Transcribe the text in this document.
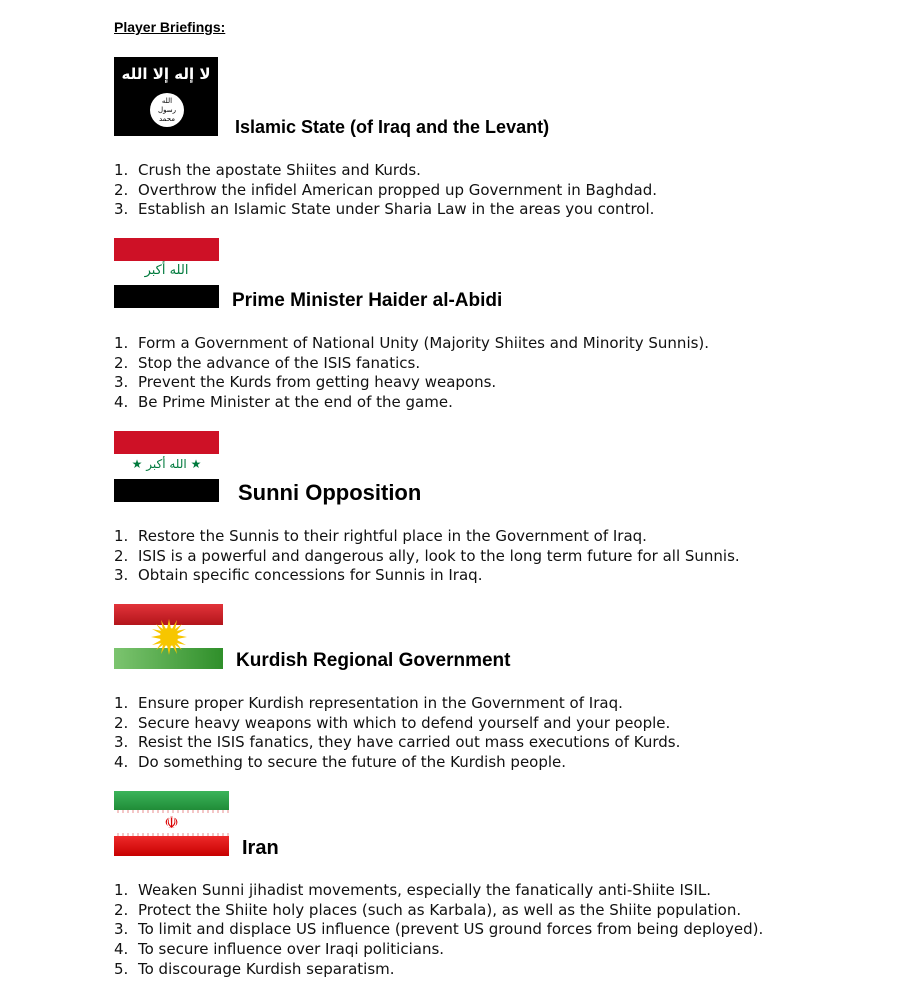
Player Briefings:
لا إله إلا الله
الله رسول محمد	Islamic State (of Iraq and the Levant)
1. Crush the apostate Shiites and Kurds.
2. Overthrow the infidel American propped up Government in Baghdad.
3. Establish an Islamic State under Sharia Law in the areas you control.
الله أكبر
Prime Minister Haider al-Abidi
1. Form a Government of National Unity (Majority Shiites and Minority Sunnis).
2. Stop the advance of the ISIS fanatics.
3. Prevent the Kurds from getting heavy weapons.
4. Be Prime Minister at the end of the game.
★ الله أكبر ★
Sunni Opposition
1. Restore the Sunnis to their rightful place in the Government of Iraq.
2. ISIS is a powerful and dangerous ally, look to the long term future for all Sunnis.
3. Obtain specific concessions for Sunnis in Iraq.
Kurdish Regional Government
1. Ensure proper Kurdish representation in the Government of Iraq.
2. Secure heavy weapons with which to defend yourself and your people.
3. Resist the ISIS fanatics, they have carried out mass executions of Kurds.
4. Do something to secure the future of the Kurdish people.
☫
Iran
1. Weaken Sunni jihadist movements, especially the fanatically anti-Shiite ISIL.
2. Protect the Shiite holy places (such as Karbala), as well as the Shiite population.
3. To limit and displace US influence (prevent US ground forces from being deployed).
4. To secure influence over Iraqi politicians.
5. To discourage Kurdish separatism.
